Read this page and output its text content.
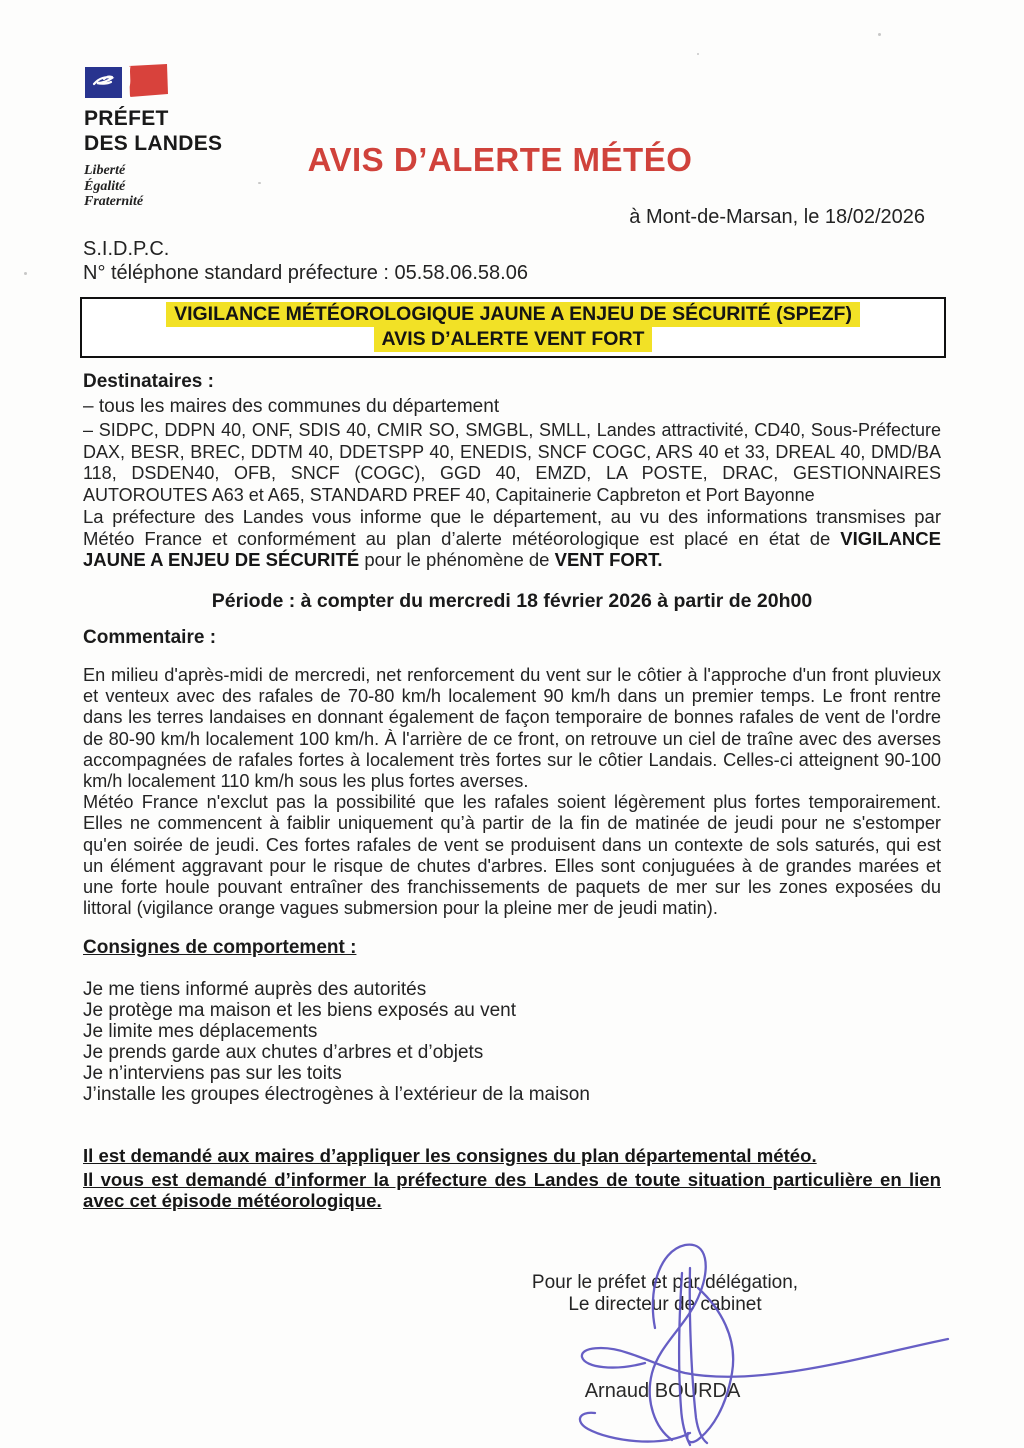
PRÉFET
DES LANDES
Liberté
Égalité
Fraternité
AVIS D’ALERTE MÉTÉO
à Mont-de-Marsan, le 18/02/2026
S.I.D.P.C.
N° téléphone standard préfecture : 05.58.06.58.06
VIGILANCE MÉTÉOROLOGIQUE JAUNE A ENJEU DE SÉCURITÉ (SPEZF)
AVIS D’ALERTE VENT FORT
Destinataires :
– tous les maires des communes du département
– SIDPC, DDPN 40, ONF, SDIS 40, CMIR SO, SMGBL, SMLL, Landes attractivité, CD40, Sous-Préfecture DAX, BESR, BREC, DDTM 40, DDETSPP 40, ENEDIS, SNCF COGC, ARS 40 et 33, DREAL 40, DMD/BA 118, DSDEN40, OFB, SNCF (COGC), GGD 40, EMZD, LA POSTE, DRAC, GESTIONNAIRES AUTOROUTES A63 et A65, STANDARD PREF 40, Capitainerie Capbreton et Port Bayonne
La préfecture des Landes vous informe que le département, au vu des informations transmises par Météo France et conformément au plan d’alerte météorologique est placé en état de VIGILANCE JAUNE A ENJEU DE SÉCURITÉ pour le phénomène de VENT FORT.
Période : à compter du mercredi 18 février 2026 à partir de 20h00
Commentaire :
En milieu d'après-midi de mercredi, net renforcement du vent sur le côtier à l'approche d'un front pluvieux et venteux avec des rafales de 70-80 km/h localement 90 km/h dans un premier temps. Le front rentre dans les terres landaises en donnant également de façon temporaire de bonnes rafales de vent de l'ordre de 80-90 km/h localement 100 km/h. À l'arrière de ce front, on retrouve un ciel de traîne avec des averses accompagnées de rafales fortes à localement très fortes sur le côtier Landais. Celles-ci atteignent 90-100 km/h localement 110 km/h sous les plus fortes averses.
Météo France n'exclut pas la possibilité que les rafales soient légèrement plus fortes temporairement. Elles ne commencent à faiblir uniquement qu’à partir de la fin de matinée de jeudi pour ne s'estomper qu'en soirée de jeudi. Ces fortes rafales de vent se produisent dans un contexte de sols saturés, qui est un élément aggravant pour le risque de chutes d'arbres. Elles sont conjuguées à de grandes marées et une forte houle pouvant entraîner des franchissements de paquets de mer sur les zones exposées du littoral (vigilance orange vagues submersion pour la pleine mer de jeudi matin).
Consignes de comportement :
Je me tiens informé auprès des autorités
Je protège ma maison et les biens exposés au vent
Je limite mes déplacements
Je prends garde aux chutes d’arbres et d’objets
Je n’interviens pas sur les toits
J’installe les groupes électrogènes à l’extérieur de la maison

Il est demandé aux maires d’appliquer les consignes du plan départemental météo.

Il vous est demandé d’informer la préfecture des Landes de toute situation particulière en lien avec cet épisode météorologique.

Pour le préfet et par délégation,
Le directeur de cabinet
Arnaud BOURDA
